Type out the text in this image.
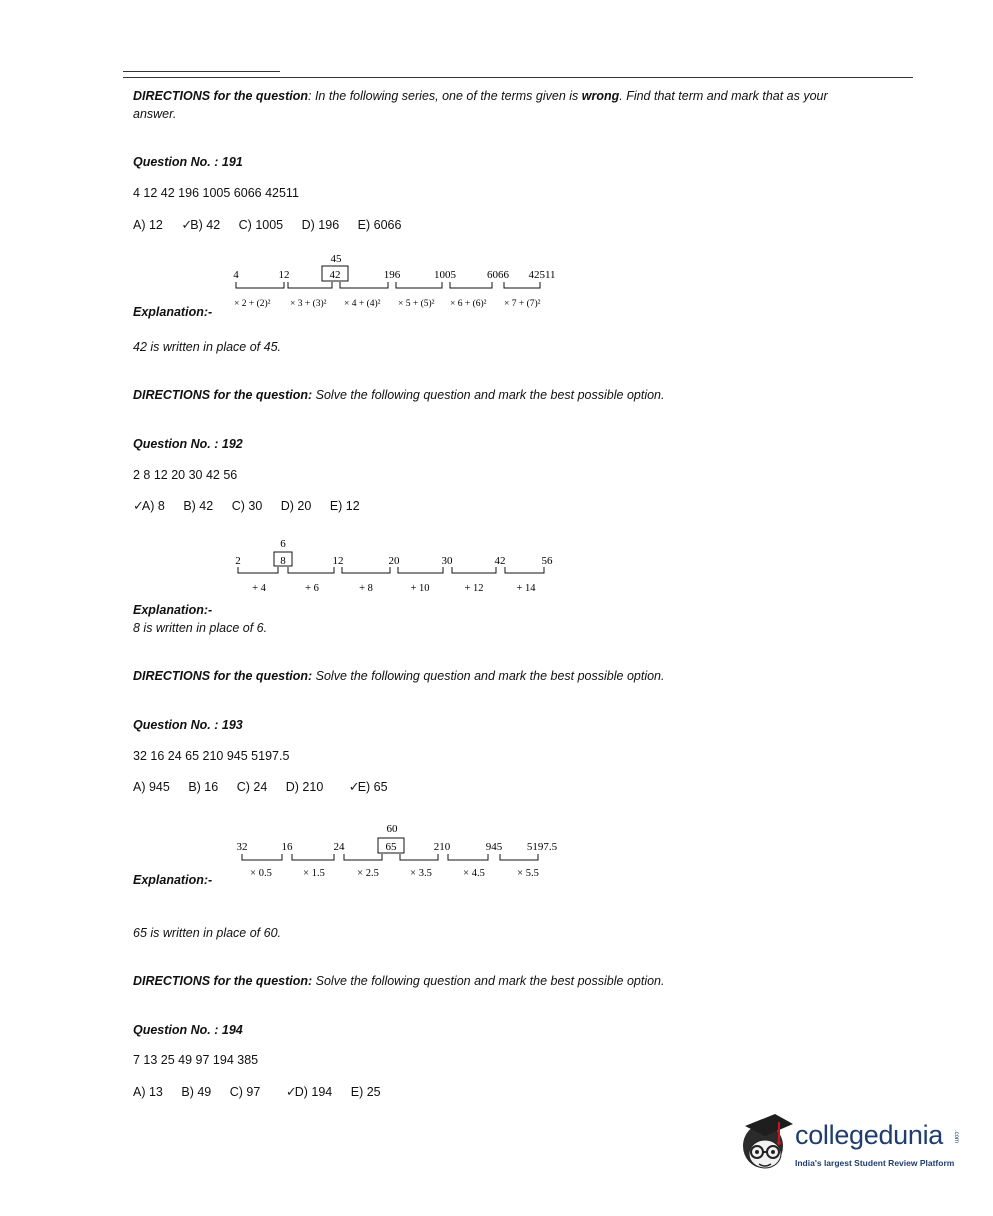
DIRECTIONS for the question: In the following series, one of the terms given is wrong. Find that term and mark that as your
answer.
Question No. : 191
4 12 42 196 1005 6066 42511
A) 12 ✓B) 42 C) 1005 D) 196 E) 6066
45
4	12	42	196	1005	6066 42511
× 2 + (2)² × 3 + (3)² × 4 + (4)² × 5 + (5)² × 6 + (6)² × 7 + (7)²
Explanation:-
42 is written in place of 45.
DIRECTIONS for the question: Solve the following question and mark the best possible option.
Question No. : 192
2 8 12 20 30 42 56
✓A) 8 B) 42 C) 30 D) 20 E) 12
6
2	8	12	20	30	42	56
+ 4	+ 6	+ 8	+ 10	+ 12	+ 14
Explanation:-
8 is written in place of 6.
DIRECTIONS for the question: Solve the following question and mark the best possible option.
Question No. : 193
32 16 24 65 210 945 5197.5
A) 945 B) 16 C) 24 D) 210 ✓E) 65
60
32	16	24	65	210	945 5197.5
× 0.5	× 1.5	× 2.5	× 3.5	× 4.5	× 5.5
Explanation:-
65 is written in place of 60.
DIRECTIONS for the question: Solve the following question and mark the best possible option.
Question No. : 194
7 13 25 49 97 194 385
A) 13 B) 49 C) 97 ✓D) 194 E) 25
collegedunia .com
India's largest Student Review Platform
